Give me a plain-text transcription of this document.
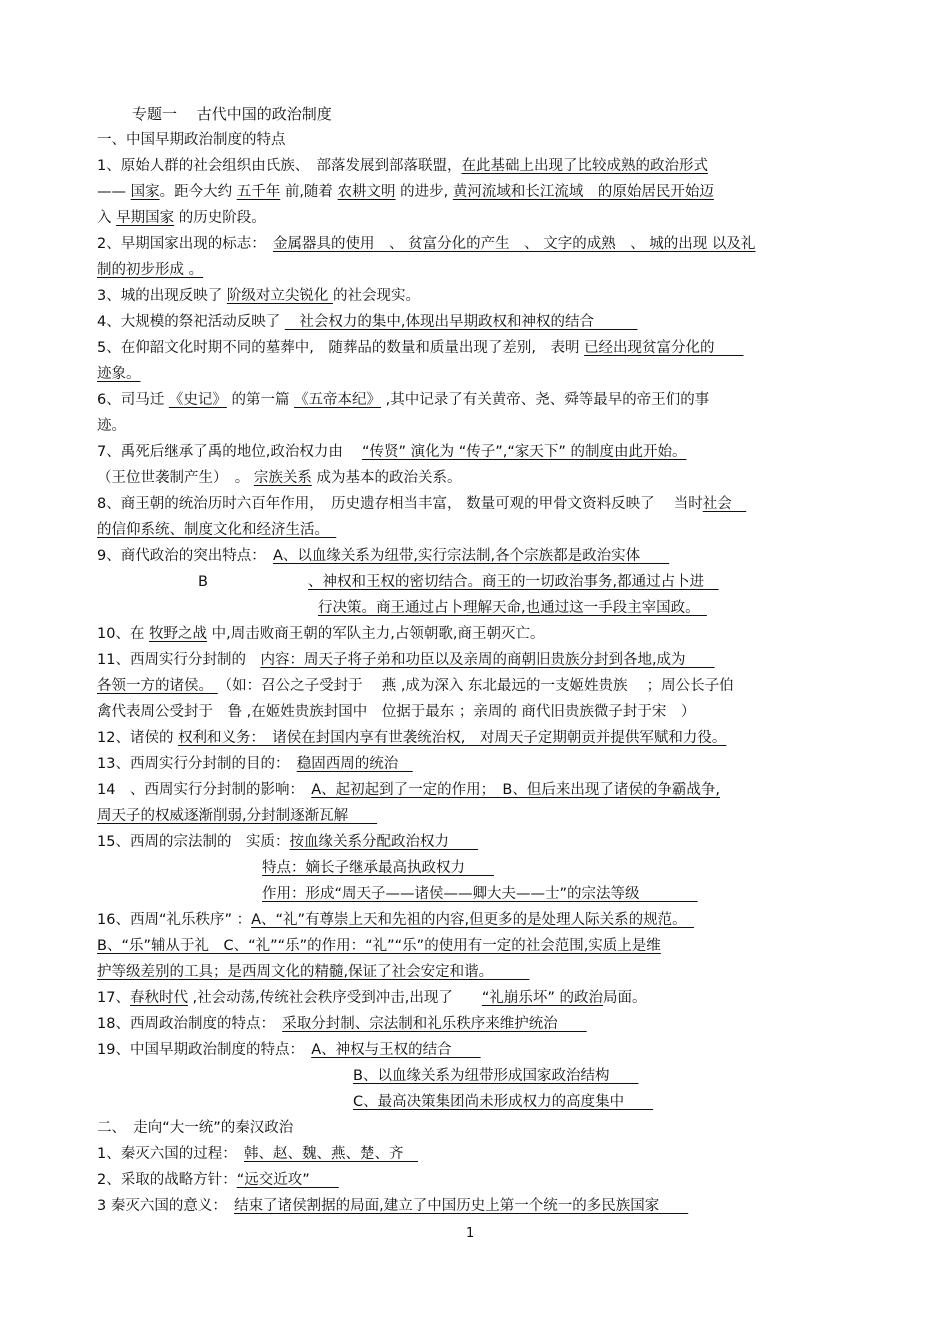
专题一　 古代中国的政治制度
一、中国早期政治制度的特点
1、原始人群的社会组织由氏族、　部落发展到部落联盟，在此基础上出现了比较成熟的政治形式
—— 国家。距今大约 五千年 前,随着 农耕文明 的进步, 黄河流域和长江流域　的原始居民开始迈
入 早期国家 的历史阶段。
2、早期国家出现的标志：　金属器具的使用　、 贫富分化的产生　、 文字的成熟　、 城的出现 以及礼
制的初步形成 。
3、城的出现反映了 阶级对立尖锐化 的社会现实。
4、大规模的祭祀活动反映了 　社会权力的集中,体现出早期政权和神权的结合　　　
5、在仰韶文化时期不同的墓葬中,　随葬品的数量和质量出现了差别,　表明 已经出现贫富分化的　　
迹象。
6、司马迁 《史记》 的第一篇 《五帝本纪》 ,其中记录了有关黄帝、尧、舜等最早的帝王们的事
迹。
7、禹死后继承了禹的地位,政治权力由　 “传贤” 演化为 “传子”,“家天下” 的制度由此开始。
（王位世袭制产生）　。 宗族关系 成为基本的政治关系。
8、商王朝的统治历时六百年作用，　历史遗存相当丰富， 数量可观的甲骨文资料反映了　 当时社会　
的信仰系统、制度文化和经济生活。　
9、商代政治的突出特点：　A、以血缘关系为纽带,实行宗法制,各个宗族都是政治实体　　
B	、神权和王权的密切结合。商王的一切政治事务,都通过占卜进　
行决策。商王通过占卜理解天命,也通过这一手段主宰国政。　
10、在 牧野之战 中,周击败商王朝的军队主力,占领朝歌,商王朝灭亡。
11、西周实行分封制的　内容：周天子将子弟和功臣以及亲周的商朝旧贵族分封到各地,成为　　
各领一方的诸侯。 （如：召公之子受封于　 燕 ,成为深入 东北最远的一支姬姓贵族　 ；周公长子伯
禽代表周公受封于　鲁 ,在姬姓贵族封国中　位据于最东 ；亲周的 商代旧贵族微子封于宋　）
12、诸侯的 权利和义务：　诸侯在封国内享有世袭统治权,　对周天子定期朝贡并提供军赋和力役。
13、西周实行分封制的目的：　稳固西周的统治　
14　、西周实行分封制的影响：　A、起初起到了一定的作用；　B、但后来出现了诸侯的争霸战争,
周天子的权威逐渐削弱,分封制逐渐瓦解　　
15、西周的宗法制的　实质：按血缘关系分配政治权力　　
特点：嫡长子继承最高执政权力　　
作用：形成“周天子——诸侯——卿大夫——士”的宗法等级　　　　
16、西周“礼乐秩序” ：A、“礼”有尊崇上天和先祖的内容,但更多的是处理人际关系的规范。　
B、“乐”辅从于礼　C、“礼”“乐”的作用：“礼”“乐”的使用有一定的社会范围,实质上是维
护等级差别的工具；是西周文化的精髓,保证了社会安定和谐。　　　
17、春秋时代 ,社会动荡,传统社会秩序受到冲击,出现了　　“礼崩乐坏” 的政治局面。
18、西周政治制度的特点：　采取分封制、宗法制和礼乐秩序来维护统治　　
19、中国早期政治制度的特点：　A、神权与王权的结合　　
B、以血缘关系为纽带形成国家政治结构　　
C、最高决策集团尚未形成权力的高度集中　　
二、　走向“大一统”的秦汉政治
1、秦灭六国的过程：　韩、赵、魏、燕、楚、齐　
2、采取的战略方针：“远交近攻”　　
3 秦灭六国的意义：　结束了诸侯割据的局面,建立了中国历史上第一个统一的多民族国家　　
1
